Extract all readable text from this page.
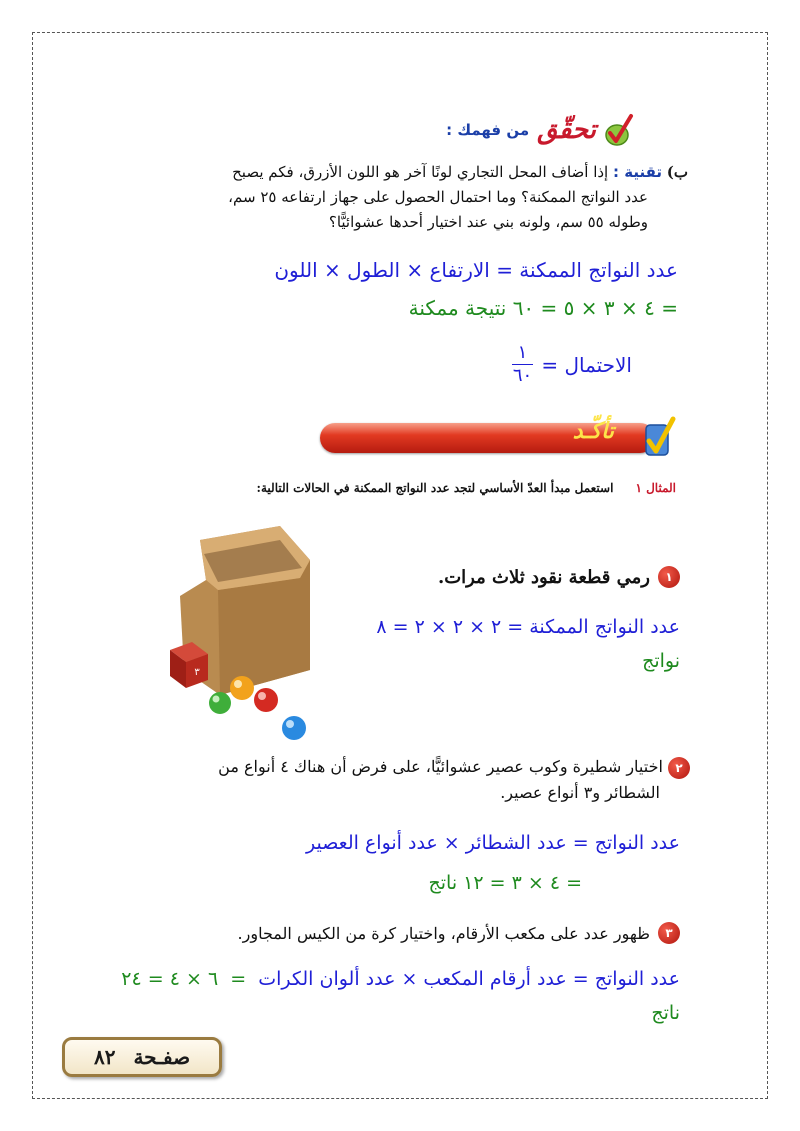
تحقّق
من فهمك :
ب) تقنية : إذا أضاف المحل التجاري لونًا آخر هو اللون الأزرق، فكم يصبح
عدد النواتج الممكنة؟ وما احتمال الحصول على جهاز ارتفاعه ٢٥ سم،
وطوله ٥٥ سم، ولونه بني عند اختيار أحدها عشوائيًّا؟
عدد النواتج الممكنة = الارتفاع × الطول × اللون
= ٤ × ٣ × ٥ = ٦٠ نتيجة ممكنة
الاحتمال =
$\frac{١}{٦٠}$
تأكّـد
المثال ١
استعمل مبدأ العدّ الأساسي لتجد عدد النواتج الممكنة في الحالات التالية:
٣
١
رمي قطعة نقود ثلاث مرات.
عدد النواتج الممكنة = ٢ × ٢ × ٢ = ٨
نواتج
٢ اختيار شطيرة وكوب عصير عشوائيًّا، على فرض أن هناك ٤ أنواع من
الشطائر و٣ أنواع عصير.
عدد النواتج = عدد الشطائر × عدد أنواع العصير
= ٤ × ٣ = ١٢ ناتج
٣
ظهور عدد على مكعب الأرقام، واختيار كرة من الكيس المجاور.
عدد النواتج = عدد أرقام المكعب × عدد ألوان الكرات  =  ٦ × ٤ = ٢٤
ناتج
صفـحة
٨٢
